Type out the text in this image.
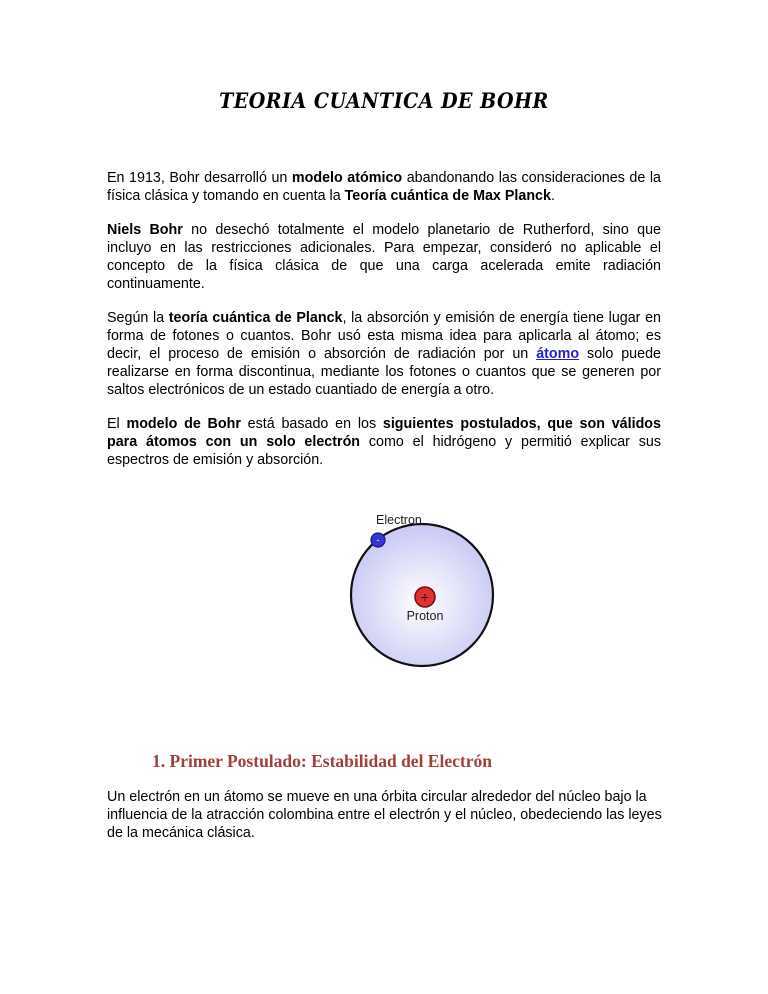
TEORIA CUANTICA DE BOHR
En 1913, Bohr desarrolló un modelo atómico abandonando las consideraciones de la física clásica y tomando en cuenta la Teoría cuántica de Max Planck.
Niels Bohr no desechó totalmente el modelo planetario de Rutherford, sino que incluyo en las restricciones adicionales. Para empezar, consideró no aplicable el concepto de la física clásica de que una carga acelerada emite radiación continuamente.
Según la teoría cuántica de Planck, la absorción y emisión de energía tiene lugar en forma de fotones o cuantos. Bohr usó esta misma idea para aplicarla al átomo; es decir, el proceso de emisión o absorción de radiación por un átomo solo puede realizarse en forma discontinua, mediante los fotones o cuantos que se generen por saltos electrónicos de un estado cuantiado de energía a otro.
El modelo de Bohr está basado en los siguientes postulados, que son válidos para átomos con un solo electrón como el hidrógeno y permitió explicar sus espectros de emisión y absorción.
Electron
-
+
Proton
1. Primer Postulado: Estabilidad del Electrón
Un electrón en un átomo se mueve en una órbita circular alrededor del núcleo bajo la influencia de la atracción colombina entre el electrón y el núcleo, obedeciendo las leyes de la mecánica clásica.
